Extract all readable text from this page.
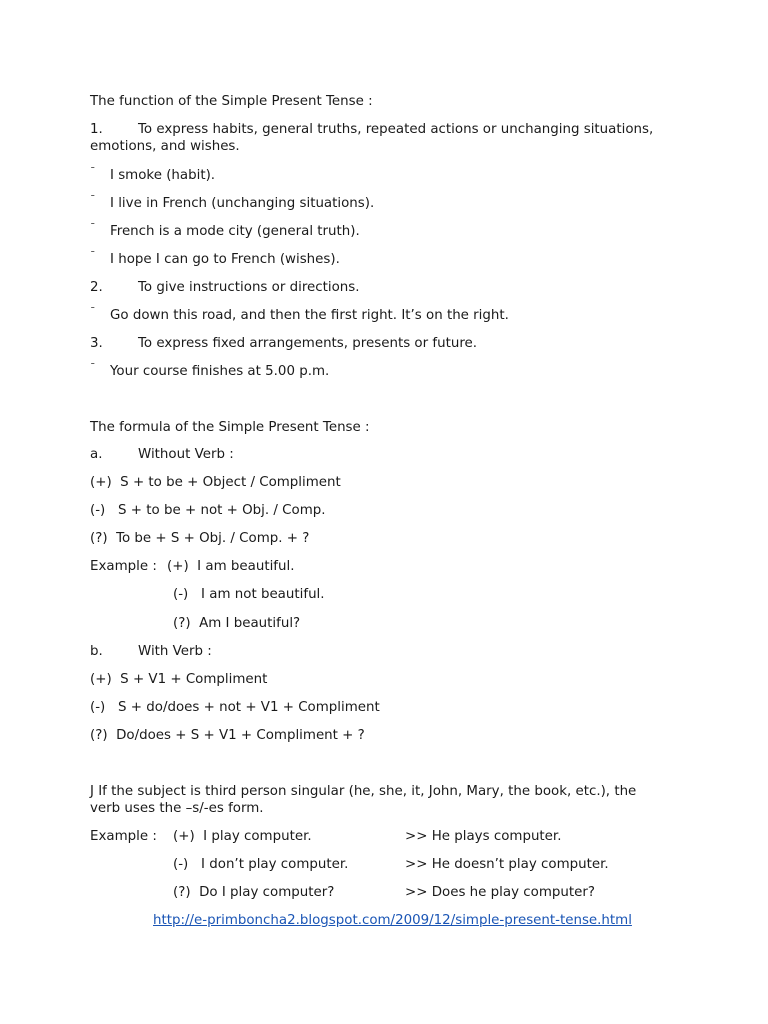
The function of the Simple Present Tense :
1.	To express habits, general truths, repeated actions or unchanging situations,
emotions, and wishes.
¯ I smoke (habit).
¯ I live in French (unchanging situations).
¯ French is a mode city (general truth).
¯ I hope I can go to French (wishes).
2.	To give instructions or directions.
¯ Go down this road, and then the first right. It’s on the right.
3.	To express fixed arrangements, presents or future.
¯ Your course finishes at 5.00 p.m.
The formula of the Simple Present Tense :
a.	Without Verb :
(+)  S + to be + Object / Compliment
(-)   S + to be + not + Obj. / Comp.
(?)  To be + S + Obj. / Comp. + ?
Example : (+)  I am beautiful.
(-)   I am not beautiful.
(?)  Am I beautiful?
b.	With Verb :
(+)  S + V1 + Compliment
(-)   S + do/does + not + V1 + Compliment
(?)  Do/does + S + V1 + Compliment + ?
J If the subject is third person singular (he, she, it, John, Mary, the book, etc.), the
verb uses the –s/-es form.
Example : (+)  I play computer.	>> He plays computer.
(-)   I don’t play computer.	>> He doesn’t play computer.
(?)  Do I play computer?	>> Does he play computer?
http://e-primboncha2.blogspot.com/2009/12/simple-present-tense.html
